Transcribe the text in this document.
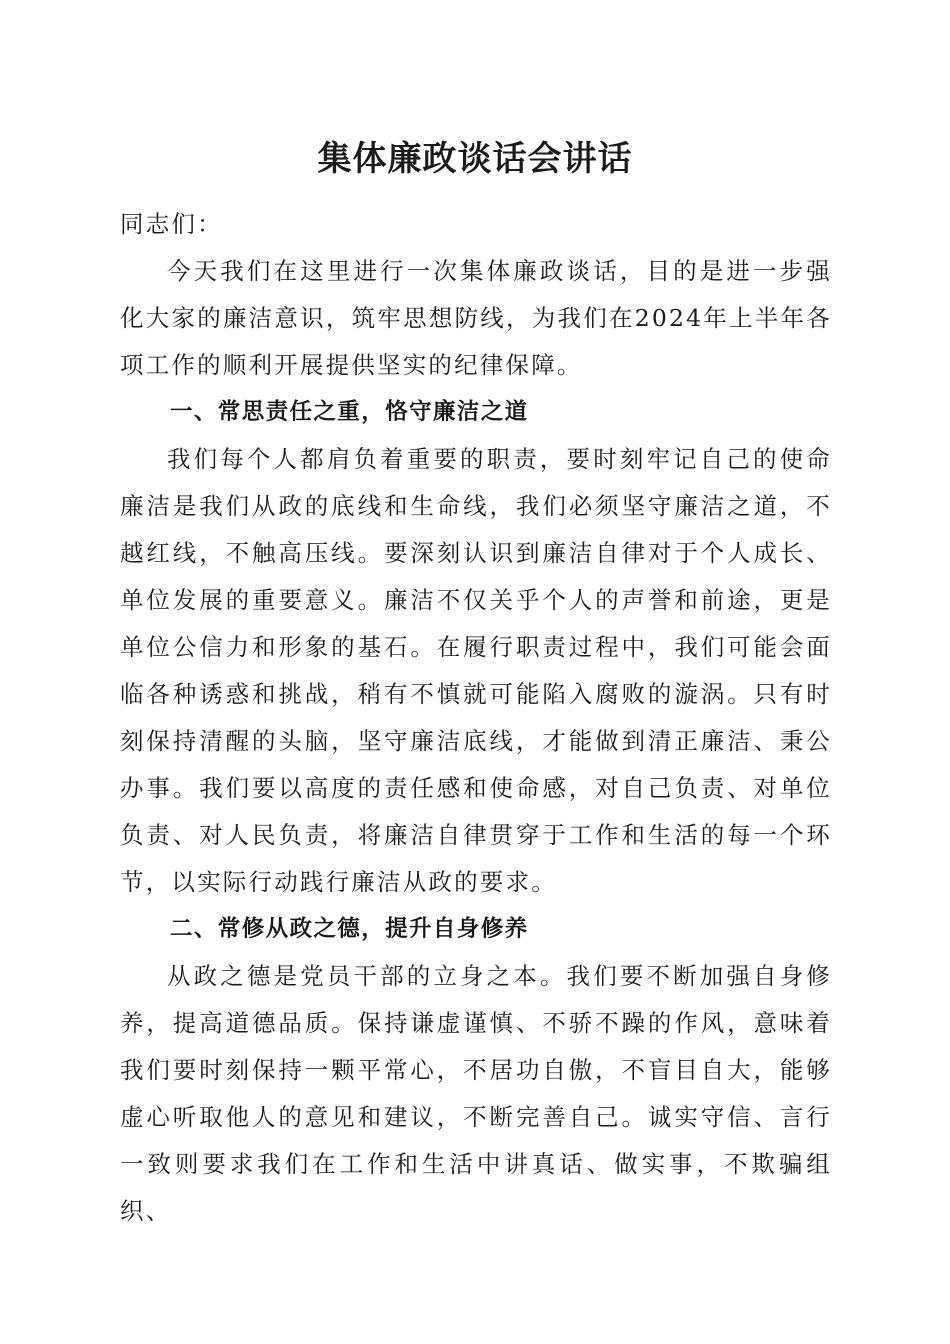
集体廉政谈话会讲话

同志们：

今天我们在这里进行一次集体廉政谈话，目的是进一步强化大家的廉洁意识，筑牢思想防线，为我们在2024年上半年各项工作的顺利开展提供坚实的纪律保障。

一、常思责任之重，恪守廉洁之道

我们每个人都肩负着重要的职责，要时刻牢记自己的使命廉洁是我们从政的底线和生命线，我们必须坚守廉洁之道，不越红线，不触高压线。要深刻认识到廉洁自律对于个人成长、单位发展的重要意义。廉洁不仅关乎个人的声誉和前途，更是单位公信力和形象的基石。在履行职责过程中，我们可能会面临各种诱惑和挑战，稍有不慎就可能陷入腐败的漩涡。只有时刻保持清醒的头脑，坚守廉洁底线，才能做到清正廉洁、秉公办事。我们要以高度的责任感和使命感，对自己负责、对单位负责、对人民负责，将廉洁自律贯穿于工作和生活的每一个环节，以实际行动践行廉洁从政的要求。

二、常修从政之德，提升自身修养

从政之德是党员干部的立身之本。我们要不断加强自身修养，提高道德品质。保持谦虚谨慎、不骄不躁的作风，意味着我们要时刻保持一颗平常心，不居功自傲，不盲目自大，能够虚心听取他人的意见和建议，不断完善自己。诚实守信、言行一致则要求我们在工作和生活中讲真话、做实事，不欺骗组织、
